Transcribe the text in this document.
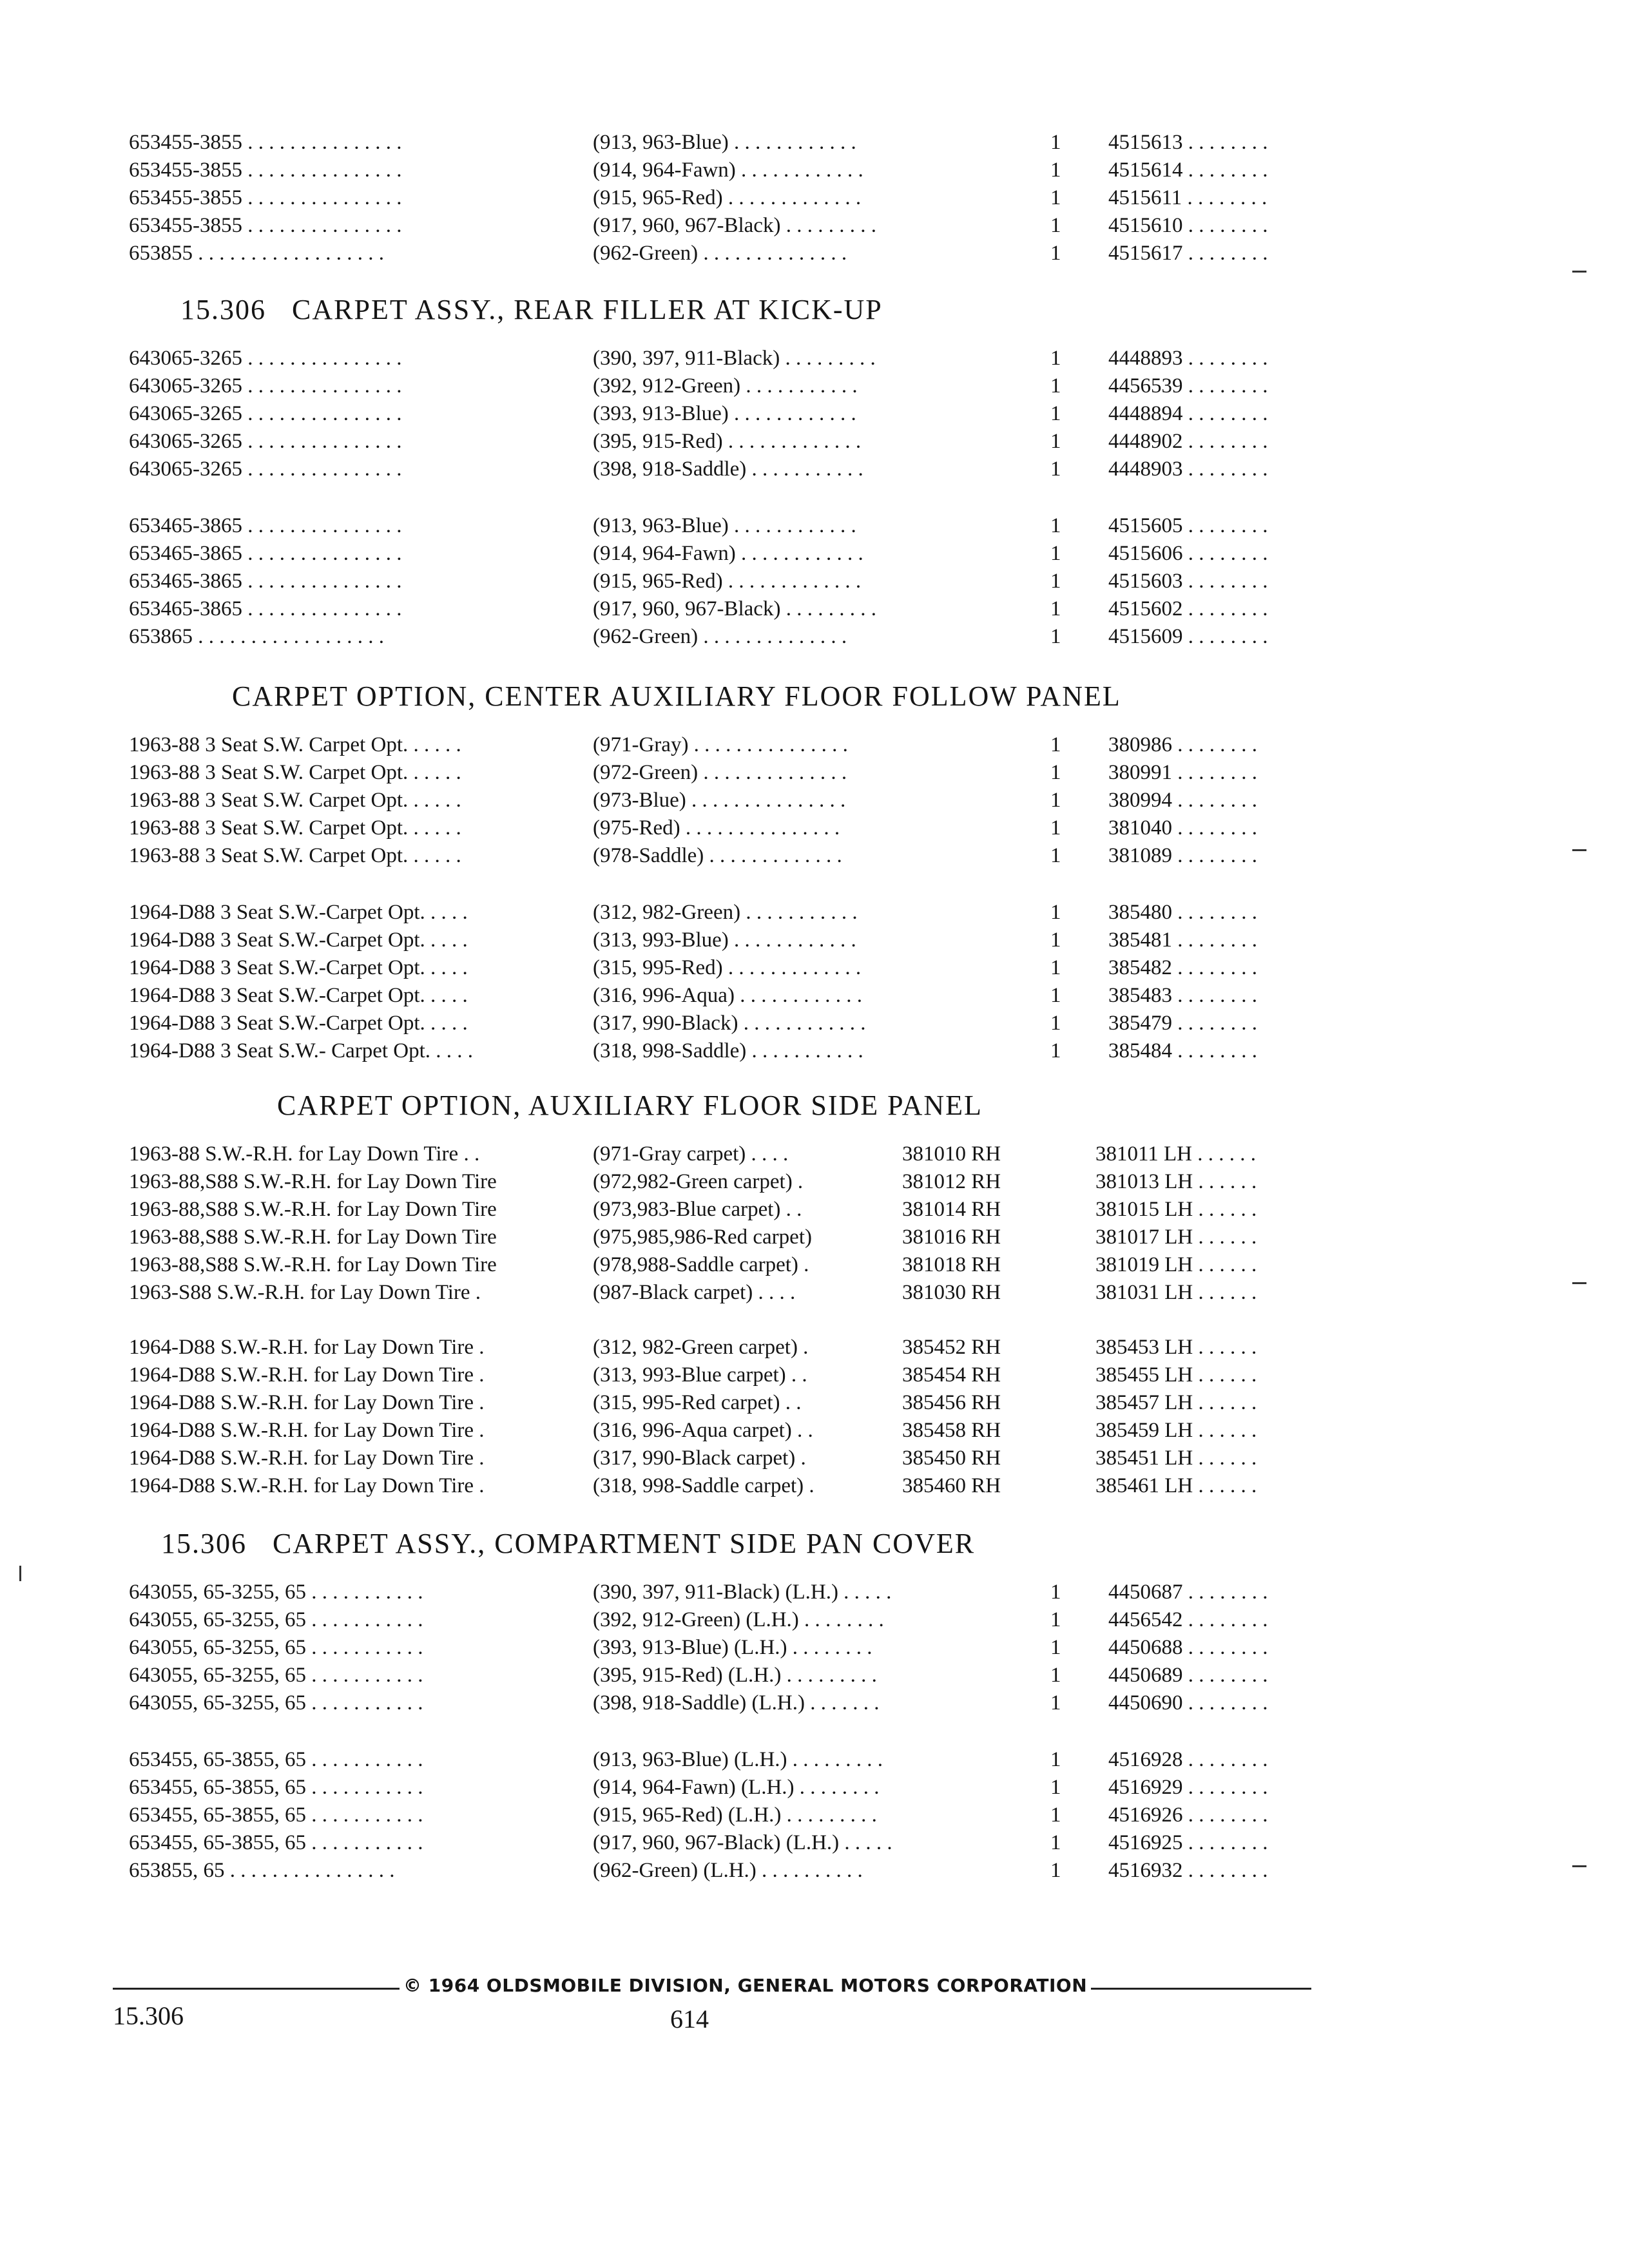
653455-3855 . . . . . . . . . . . . . . .	(913, 963-Blue) . . . . . . . . . . . .	1 4515613 . . . . . . . .
653455-3855 . . . . . . . . . . . . . . .	(914, 964-Fawn) . . . . . . . . . . . .	1 4515614 . . . . . . . .
653455-3855 . . . . . . . . . . . . . . .	(915, 965-Red) . . . . . . . . . . . . .	1 4515611 . . . . . . . .
653455-3855 . . . . . . . . . . . . . . .	(917, 960, 967-Black) . . . . . . . . .	1 4515610 . . . . . . . .
653855 . . . . . . . . . . . . . . . . . .	(962-Green) . . . . . . . . . . . . . .	1 4515617 . . . . . . . .
15.306 CARPET ASSY., REAR FILLER AT KICK-UP
643065-3265 . . . . . . . . . . . . . . .	(390, 397, 911-Black) . . . . . . . . .	1 4448893 . . . . . . . .
643065-3265 . . . . . . . . . . . . . . .	(392, 912-Green) . . . . . . . . . . .	1 4456539 . . . . . . . .
643065-3265 . . . . . . . . . . . . . . .	(393, 913-Blue) . . . . . . . . . . . .	1 4448894 . . . . . . . .
643065-3265 . . . . . . . . . . . . . . .	(395, 915-Red) . . . . . . . . . . . . .	1 4448902 . . . . . . . .
643065-3265 . . . . . . . . . . . . . . .	(398, 918-Saddle) . . . . . . . . . . .	1 4448903 . . . . . . . .
653465-3865 . . . . . . . . . . . . . . .	(913, 963-Blue) . . . . . . . . . . . .	1 4515605 . . . . . . . .
653465-3865 . . . . . . . . . . . . . . .	(914, 964-Fawn) . . . . . . . . . . . .	1 4515606 . . . . . . . .
653465-3865 . . . . . . . . . . . . . . .	(915, 965-Red) . . . . . . . . . . . . .	1 4515603 . . . . . . . .
653465-3865 . . . . . . . . . . . . . . .	(917, 960, 967-Black) . . . . . . . . .	1 4515602 . . . . . . . .
653865 . . . . . . . . . . . . . . . . . .	(962-Green) . . . . . . . . . . . . . .	1 4515609 . . . . . . . .
CARPET OPTION, CENTER AUXILIARY FLOOR FOLLOW PANEL
1963-88 3 Seat S.W. Carpet Opt. . . . . .	(971-Gray) . . . . . . . . . . . . . . .	1 380986 . . . . . . . .
1963-88 3 Seat S.W. Carpet Opt. . . . . .	(972-Green) . . . . . . . . . . . . . .	1 380991 . . . . . . . .
1963-88 3 Seat S.W. Carpet Opt. . . . . .	(973-Blue) . . . . . . . . . . . . . . .	1 380994 . . . . . . . .
1963-88 3 Seat S.W. Carpet Opt. . . . . .	(975-Red) . . . . . . . . . . . . . . .	1 381040 . . . . . . . .
1963-88 3 Seat S.W. Carpet Opt. . . . . .	(978-Saddle) . . . . . . . . . . . . .	1 381089 . . . . . . . .
1964-D88 3 Seat S.W.-Carpet Opt. . . . .	(312, 982-Green) . . . . . . . . . . .	1 385480 . . . . . . . .
1964-D88 3 Seat S.W.-Carpet Opt. . . . .	(313, 993-Blue) . . . . . . . . . . . .	1 385481 . . . . . . . .
1964-D88 3 Seat S.W.-Carpet Opt. . . . .	(315, 995-Red) . . . . . . . . . . . . .	1 385482 . . . . . . . .
1964-D88 3 Seat S.W.-Carpet Opt. . . . .	(316, 996-Aqua) . . . . . . . . . . . .	1 385483 . . . . . . . .
1964-D88 3 Seat S.W.-Carpet Opt. . . . .	(317, 990-Black) . . . . . . . . . . . .	1 385479 . . . . . . . .
1964-D88 3 Seat S.W.- Carpet Opt. . . . .	(318, 998-Saddle) . . . . . . . . . . .	1 385484 . . . . . . . .
CARPET OPTION, AUXILIARY FLOOR SIDE PANEL
1963-88 S.W.-R.H. for Lay Down Tire . .	(971-Gray carpet) . . . .	381010 RH	381011 LH . . . . . .
1963-88,S88 S.W.-R.H. for Lay Down Tire	(972,982-Green carpet) .	381012 RH	381013 LH . . . . . .
1963-88,S88 S.W.-R.H. for Lay Down Tire	(973,983-Blue carpet) . .	381014 RH	381015 LH . . . . . .
1963-88,S88 S.W.-R.H. for Lay Down Tire	(975,985,986-Red carpet)	381016 RH	381017 LH . . . . . .
1963-88,S88 S.W.-R.H. for Lay Down Tire	(978,988-Saddle carpet) .	381018 RH	381019 LH . . . . . .
1963-S88 S.W.-R.H. for Lay Down Tire .	(987-Black carpet) . . . .	381030 RH	381031 LH . . . . . .
1964-D88 S.W.-R.H. for Lay Down Tire .	(312, 982-Green carpet) .	385452 RH	385453 LH . . . . . .
1964-D88 S.W.-R.H. for Lay Down Tire .	(313, 993-Blue carpet) . .	385454 RH	385455 LH . . . . . .
1964-D88 S.W.-R.H. for Lay Down Tire .	(315, 995-Red carpet) . .	385456 RH	385457 LH . . . . . .
1964-D88 S.W.-R.H. for Lay Down Tire .	(316, 996-Aqua carpet) . .	385458 RH	385459 LH . . . . . .
1964-D88 S.W.-R.H. for Lay Down Tire .	(317, 990-Black carpet) .	385450 RH	385451 LH . . . . . .
1964-D88 S.W.-R.H. for Lay Down Tire .	(318, 998-Saddle carpet) .	385460 RH	385461 LH . . . . . .
15.306 CARPET ASSY., COMPARTMENT SIDE PAN COVER
643055, 65-3255, 65 . . . . . . . . . . .	(390, 397, 911-Black) (L.H.) . . . . .	1 4450687 . . . . . . . .
643055, 65-3255, 65 . . . . . . . . . . .	(392, 912-Green) (L.H.) . . . . . . . .	1 4456542 . . . . . . . .
643055, 65-3255, 65 . . . . . . . . . . .	(393, 913-Blue) (L.H.) . . . . . . . .	1 4450688 . . . . . . . .
643055, 65-3255, 65 . . . . . . . . . . .	(395, 915-Red) (L.H.) . . . . . . . . .	1 4450689 . . . . . . . .
643055, 65-3255, 65 . . . . . . . . . . .	(398, 918-Saddle) (L.H.) . . . . . . .	1 4450690 . . . . . . . .
653455, 65-3855, 65 . . . . . . . . . . .	(913, 963-Blue) (L.H.) . . . . . . . . .	1 4516928 . . . . . . . .
653455, 65-3855, 65 . . . . . . . . . . .	(914, 964-Fawn) (L.H.) . . . . . . . .	1 4516929 . . . . . . . .
653455, 65-3855, 65 . . . . . . . . . . .	(915, 965-Red) (L.H.) . . . . . . . . .	1 4516926 . . . . . . . .
653455, 65-3855, 65 . . . . . . . . . . .	(917, 960, 967-Black) (L.H.) . . . . .	1 4516925 . . . . . . . .
653855, 65 . . . . . . . . . . . . . . . .	(962-Green) (L.H.) . . . . . . . . . .	1 4516932 . . . . . . . .
© 1964 OLDSMOBILE DIVISION, GENERAL MOTORS CORPORATION
15.306	614
